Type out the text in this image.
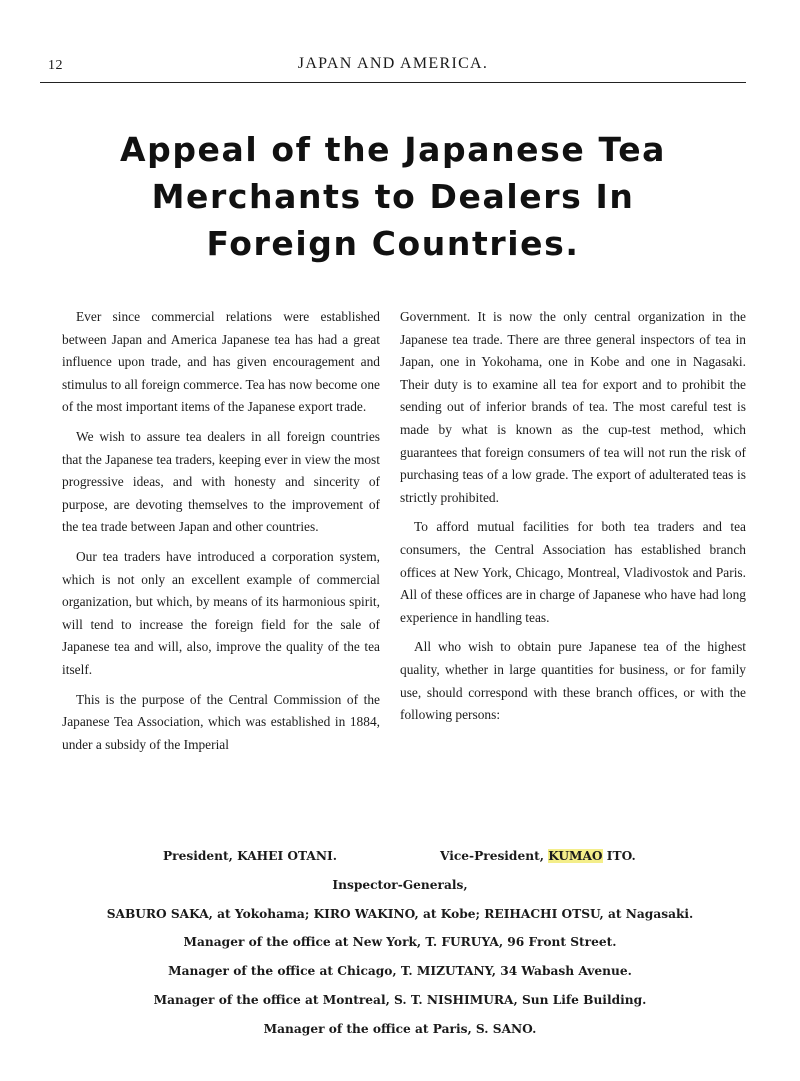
12	JAPAN AND AMERICA.
Appeal of the Japanese Tea
Merchants to Dealers In
Foreign Countries.

Ever since commercial relations were established between Japan and America Japanese tea has had a great influence upon trade, and has given encouragement and stimulus to all foreign commerce. Tea has now become one of the most important items of the Japanese export trade.

We wish to assure tea dealers in all foreign countries that the Japanese tea traders, keeping ever in view the most progressive ideas, and with honesty and sincerity of purpose, are devoting themselves to the improvement of the tea trade between Japan and other countries.

Our tea traders have introduced a corporation system, which is not only an excellent example of commercial organization, but which, by means of its harmonious spirit, will tend to increase the foreign field for the sale of Japanese tea and will, also, improve the quality of the tea itself.

This is the purpose of the Central Commission of the Japanese Tea Association, which was established in 1884, under a subsidy of the Imperial

Government. It is now the only central organization in the Japanese tea trade. There are three general inspectors of tea in Japan, one in Yokohama, one in Kobe and one in Nagasaki. Their duty is to examine all tea for export and to prohibit the sending out of inferior brands of tea. The most careful test is made by what is known as the cup-test method, which guarantees that foreign consumers of tea will not run the risk of purchasing teas of a low grade. The export of adulterated teas is strictly prohibited.

To afford mutual facilities for both tea traders and tea consumers, the Central Association has established branch offices at New York, Chicago, Montreal, Vladivostok and Paris. All of these offices are in charge of Japanese who have had long experience in handling teas.

All who wish to obtain pure Japanese tea of the highest quality, whether in large quantities for business, or for family use, should correspond with these branch offices, or with the following persons:

President, KAHEI OTANI.	Vice-President, KUMAO ITO.
Inspector-Generals,
SABURO SAKA, at Yokohama; KIRO WAKINO, at Kobe; REIHACHI OTSU, at Nagasaki.
Manager of the office at New York, T. FURUYA, 96 Front Street.
Manager of the office at Chicago, T. MIZUTANY, 34 Wabash Avenue.
Manager of the office at Montreal, S. T. NISHIMURA, Sun Life Building.
Manager of the office at Paris, S. SANO.
